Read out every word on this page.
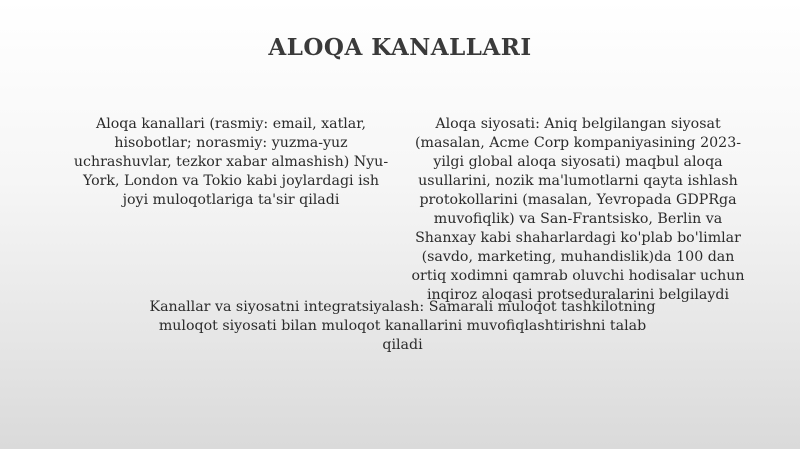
ALOQA KANALLARI
Aloqa kanallari (rasmiy: email, xatlar, hisobotlar; norasmiy: yuzma-yuz uchrashuvlar, tezkor xabar almashish) Nyu-York, London va Tokio kabi joylardagi ish joyi muloqotlariga ta'sir qiladi
Aloqa siyosati: Aniq belgilangan siyosat (masalan, Acme Corp kompaniyasining 2023-yilgi global aloqa siyosati) maqbul aloqa usullarini, nozik ma'lumotlarni qayta ishlash protokollarini (masalan, Yevropada GDPRga muvofiqlik) va San-Frantsisko, Berlin va Shanxay kabi shaharlardagi ko'plab bo'limlar (savdo, marketing, muhandislik)da 100 dan ortiq xodimni qamrab oluvchi hodisalar uchun inqiroz aloqasi protseduralarini belgilaydi
Kanallar va siyosatni integratsiyalash: Samarali muloqot tashkilotning muloqot siyosati bilan muloqot kanallarini muvofiqlashtirishni talab qiladi
